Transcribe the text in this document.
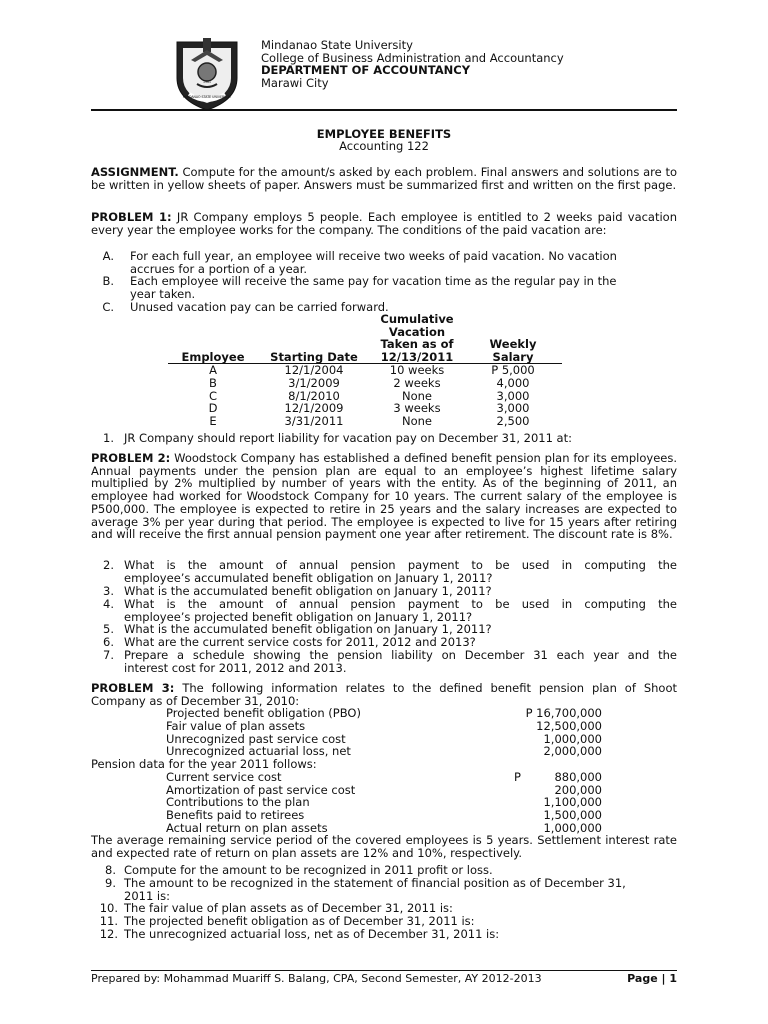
MINDANAO STATE UNIVERSITY
1961
Mindanao State University
College of Business Administration and Accountancy
DEPARTMENT OF ACCOUNTANCY
Marawi City
EMPLOYEE BENEFITS
Accounting 122
ASSIGNMENT. Compute for the amount/s asked by each problem. Final answers and solutions are to be written in yellow sheets of paper. Answers must be summarized first and written on the first page.
PROBLEM 1: JR Company employs 5 people. Each employee is entitled to 2 weeks paid vacation every year the employee works for the company. The conditions of the paid vacation are:
A. For each full year, an employee will receive two weeks of paid vacation. No vacation
accrues for a portion of a year.
B. Each employee will receive the same pay for vacation time as the regular pay in the
year taken.
C. Unused vacation pay can be carried forward.
Employee	Starting Date	Cumulative Vacation Taken as of 12/13/2011	Weekly Salary
A	12/1/2004	10 weeks	P 5,000
B	3/1/2009	2 weeks	4,000
C	8/1/2010	None	3,000
D	12/1/2009	3 weeks	3,000
E	3/31/2011	None	2,500
1. JR Company should report liability for vacation pay on December 31, 2011 at:
PROBLEM 2: Woodstock Company has established a defined benefit pension plan for its employees. Annual payments under the pension plan are equal to an employee’s highest lifetime salary multiplied by 2% multiplied by number of years with the entity. As of the beginning of 2011, an employee had worked for Woodstock Company for 10 years. The current salary of the employee is P500,000. The employee is expected to retire in 25 years and the salary increases are expected to average 3% per year during that period. The employee is expected to live for 15 years after retiring and will receive the first annual pension payment one year after retirement. The discount rate is 8%.
2. What is the amount of annual pension payment to be used in computing the
employee’s accumulated benefit obligation on January 1, 2011?
3. What is the accumulated benefit obligation on January 1, 2011?
4. What is the amount of annual pension payment to be used in computing the
employee’s projected benefit obligation on January 1, 2011?
5. What is the accumulated benefit obligation on January 1, 2011?
6. What are the current service costs for 2011, 2012 and 2013?
7. Prepare a schedule showing the pension liability on December 31 each year and the
interest cost for 2011, 2012 and 2013.
PROBLEM 3: The following information relates to the defined benefit pension plan of Shoot Company as of December 31, 2010:
Projected benefit obligation (PBO)	P 16,700,000
Fair value of plan assets	12,500,000
Unrecognized past service cost	1,000,000
Unrecognized actuarial loss, net	2,000,000
Pension data for the year 2011 follows:
Current service cost	P	880,000
Amortization of past service cost	200,000
Contributions to the plan	1,100,000
Benefits paid to retirees	1,500,000
Actual return on plan assets	1,000,000
The average remaining service period of the covered employees is 5 years. Settlement interest rate and expected rate of return on plan assets are 12% and 10%, respectively.
8. Compute for the amount to be recognized in 2011 profit or loss.
9. The amount to be recognized in the statement of financial position as of December 31,
2011 is:
10. The fair value of plan assets as of December 31, 2011 is:
11. The projected benefit obligation as of December 31, 2011 is:
12. The unrecognized actuarial loss, net as of December 31, 2011 is:
Prepared by: Mohammad Muariff S. Balang, CPA, Second Semester, AY 2012-2013	Page | 1
